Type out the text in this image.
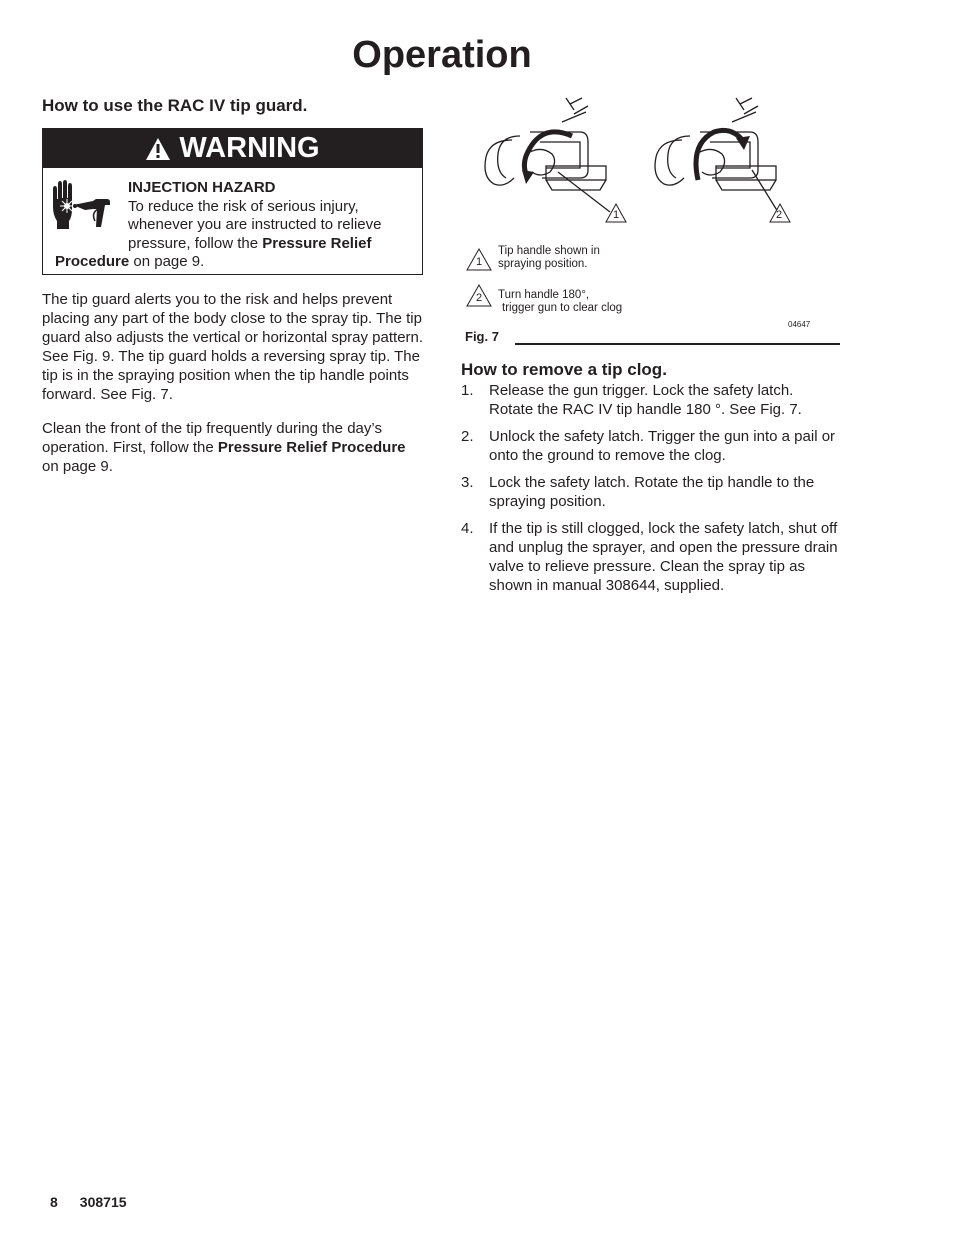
Operation
How to use the RAC IV tip guard.
WARNING
INJECTION HAZARD
To reduce the risk of serious injury,
whenever you are instructed to relieve
pressure, follow the Pressure Relief
Procedure on page 9.
The tip guard alerts you to the risk and helps prevent placing any part of the body close to the spray tip. The tip guard also adjusts the vertical or horizontal spray pattern. See Fig. 9. The tip guard holds a reversing spray tip. The tip is in the spraying position when the tip handle points forward. See Fig. 7.
Clean the front of the tip frequently during the day’s operation. First, follow the Pressure Relief Procedure on page 9.
1	2
1
Tip handle shown in
spraying position.
2 Turn handle 180°,
trigger gun to clear clog
04647
Fig. 7
How to remove a tip clog.
1. Release the gun trigger. Lock the safety latch. Rotate the RAC IV tip handle 180 °. See Fig. 7.
2. Unlock the safety latch. Trigger the gun into a pail or onto the ground to remove the clog.
3. Lock the safety latch. Rotate the tip handle to the spraying position.
4. If the tip is still clogged, lock the safety latch, shut off and unplug the sprayer, and open the pressure drain valve to relieve pressure. Clean the spray tip as shown in manual 308644, supplied.
8 308715
